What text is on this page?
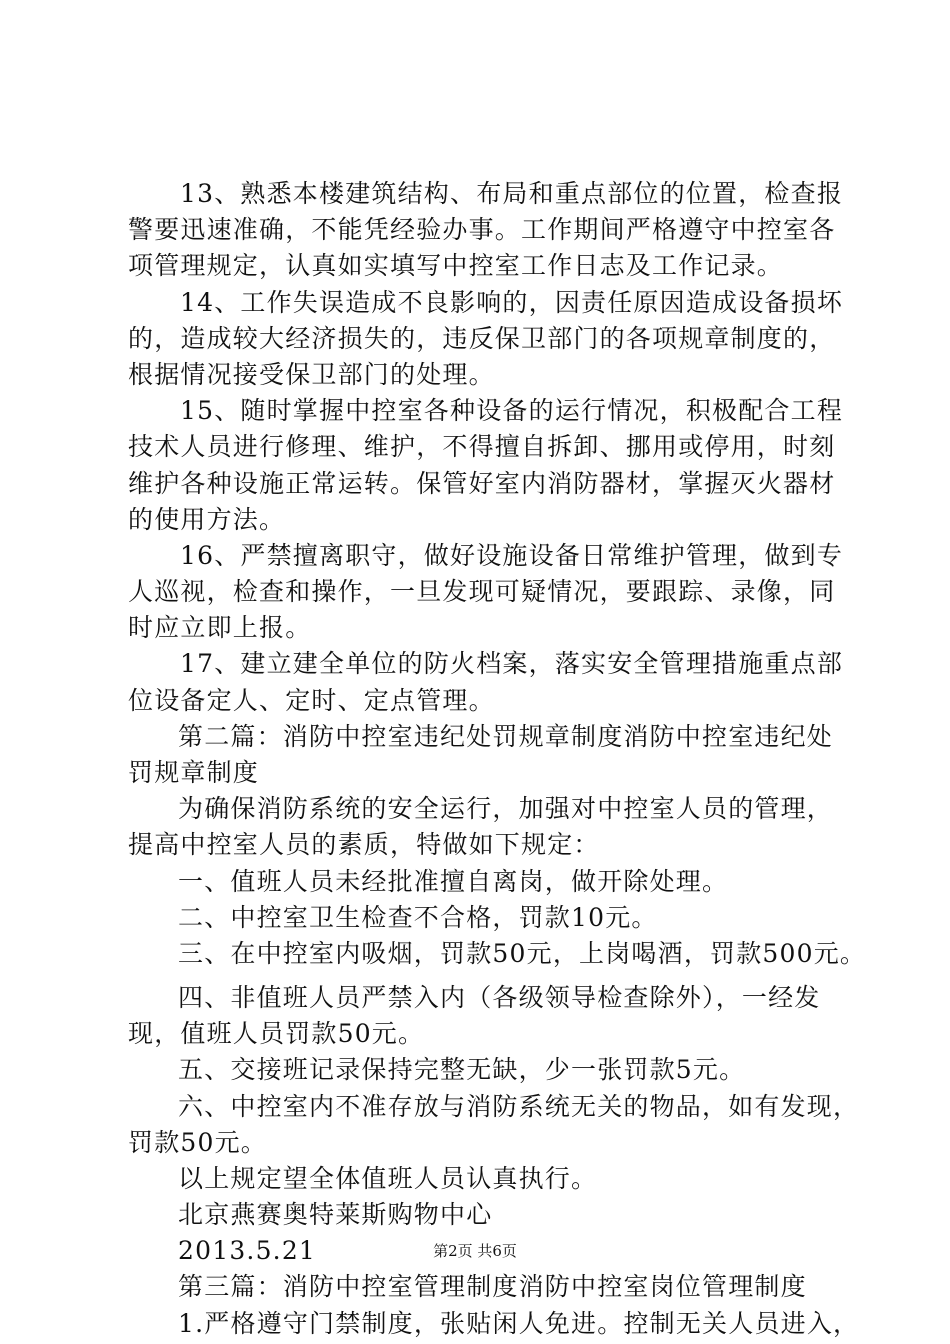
13、熟悉本楼建筑结构、布局和重点部位的位置，检查报
警要迅速准确，不能凭经验办事。工作期间严格遵守中控室各
项管理规定，认真如实填写中控室工作日志及工作记录。
14、工作失误造成不良影响的，因责任原因造成设备损坏
的，造成较大经济损失的，违反保卫部门的各项规章制度的，
根据情况接受保卫部门的处理。
15、随时掌握中控室各种设备的运行情况，积极配合工程
技术人员进行修理、维护，不得擅自拆卸、挪用或停用，时刻
维护各种设施正常运转。保管好室内消防器材，掌握灭火器材
的使用方法。
16、严禁擅离职守，做好设施设备日常维护管理，做到专
人巡视，检查和操作，一旦发现可疑情况，要跟踪、录像，同
时应立即上报。
17、建立建全单位的防火档案，落实安全管理措施重点部
位设备定人、定时、定点管理。
第二篇：消防中控室违纪处罚规章制度消防中控室违纪处
罚规章制度
为确保消防系统的安全运行，加强对中控室人员的管理，
提高中控室人员的素质，特做如下规定：
一、值班人员未经批准擅自离岗，做开除处理。
二、中控室卫生检查不合格，罚款10元。
三、在中控室内吸烟，罚款50元，上岗喝酒，罚款500元。
四、非值班人员严禁入内（各级领导检查除外），一经发
现，值班人员罚款50元。
五、交接班记录保持完整无缺，少一张罚款5元。
六、中控室内不准存放与消防系统无关的物品，如有发现，
罚款50元。
以上规定望全体值班人员认真执行。
北京燕赛奥特莱斯购物中心
2013.5.21
第三篇：消防中控室管理制度消防中控室岗位管理制度
1.严格遵守门禁制度，张贴闲人免进。控制无关人员进入，
第2页 共6页
